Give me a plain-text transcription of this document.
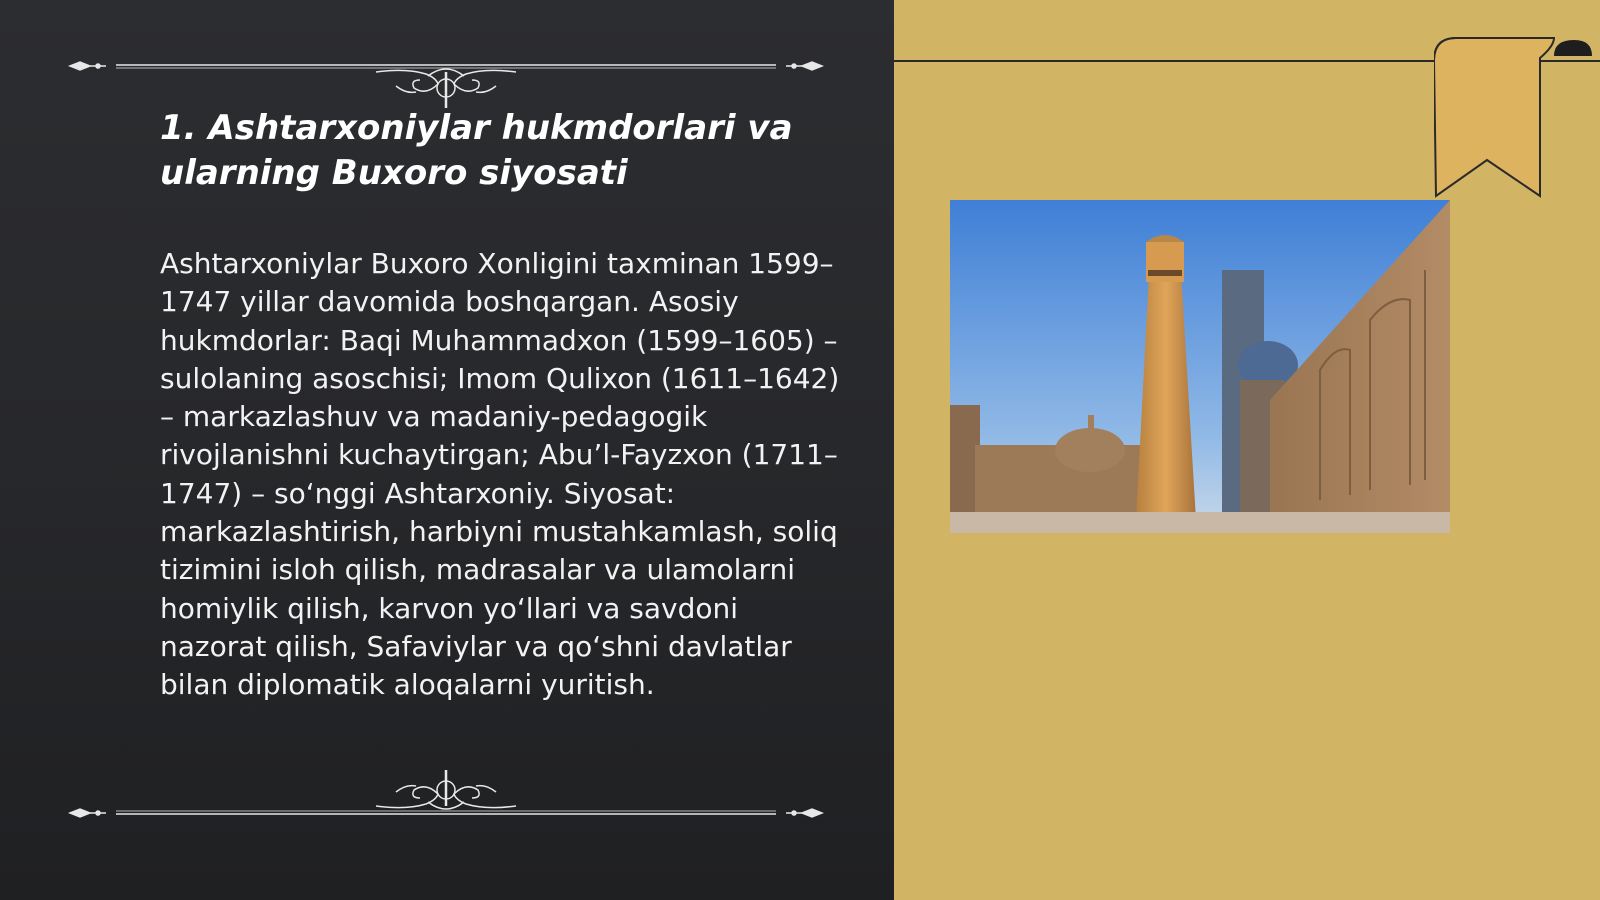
1. Ashtarxoniylar hukmdorlari va
ularning Buxoro siyosati
Ashtarxoniylar Buxoro Xonligini taxminan 1599–1747 yillar davomida boshqargan. Asosiy hukmdorlar: Baqi Muhammadxon (1599–1605) – sulolaning asoschisi; Imom Qulixon (1611–1642) – markazlashuv va madaniy-pedagogik rivojlanishni kuchaytirgan; Abu’l-Fayzxon (1711–1747) – so‘nggi Ashtarxoniy. Siyosat: markazlashtirish, harbiyni mustahkamlash, soliq tizimini isloh qilish, madrasalar va ulamolarni homiylik qilish, karvon yo‘llari va savdoni nazorat qilish, Safaviylar va qo‘shni davlatlar bilan diplomatik aloqalarni yuritish.
